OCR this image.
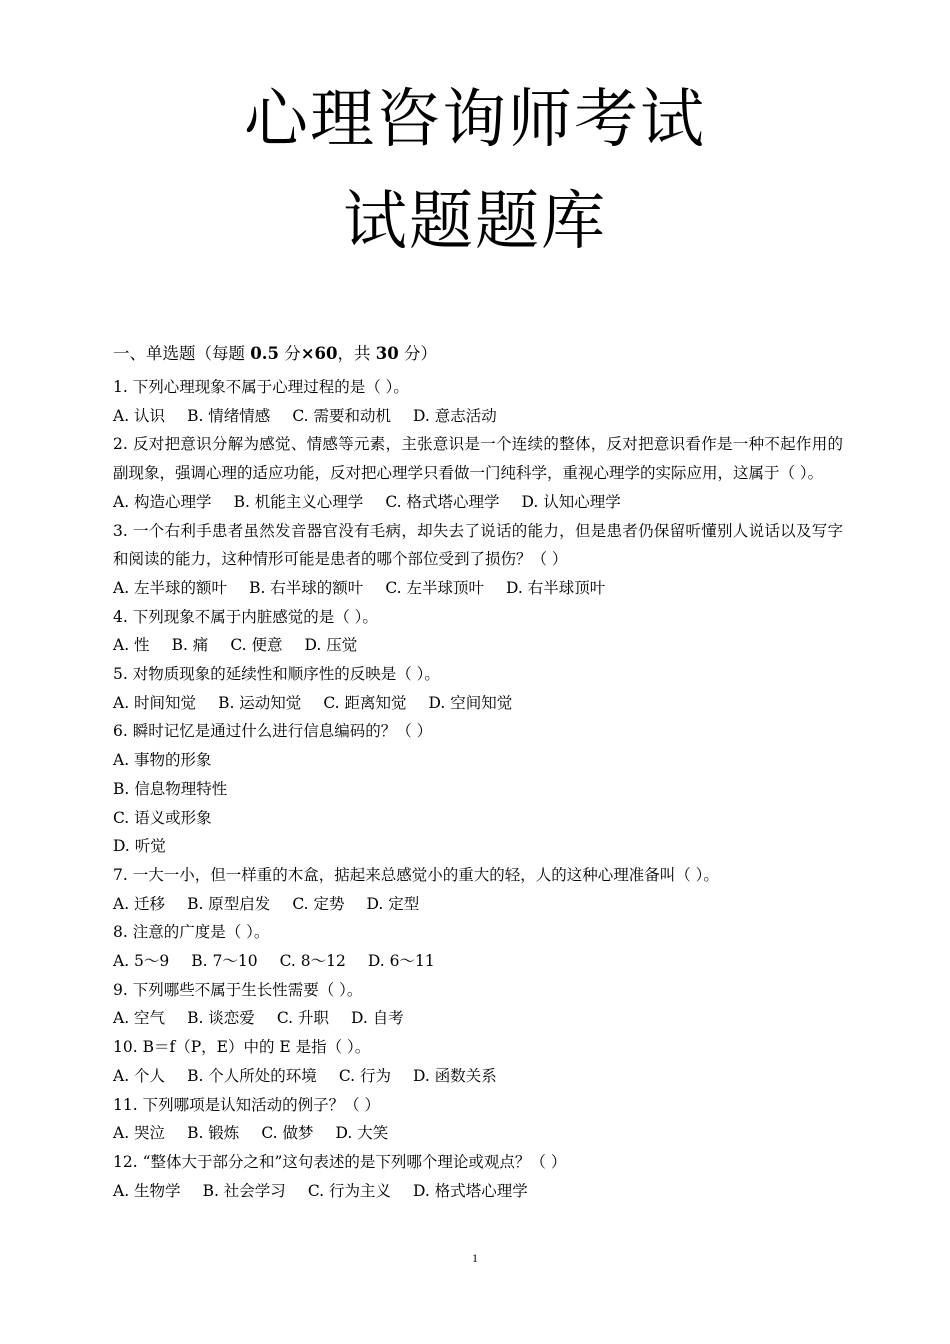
心理咨询师考试
试题题库
一、单选题（每题 0.5 分×60，共 30 分）
1. 下列心理现象不属于心理过程的是（ ）。
A. 认识 B. 情绪情感 C. 需要和动机 D. 意志活动
2. 反对把意识分解为感觉、情感等元素，主张意识是一个连续的整体，反对把意识看作是一种不起作用的副现象，强调心理的适应功能，反对把心理学只看做一门纯科学，重视心理学的实际应用，这属于（ ）。
A. 构造心理学 B. 机能主义心理学 C. 格式塔心理学 D. 认知心理学
3. 一个右利手患者虽然发音器官没有毛病，却失去了说话的能力，但是患者仍保留听懂别人说话以及写字和阅读的能力，这种情形可能是患者的哪个部位受到了损伤？（ ）
A. 左半球的额叶 B. 右半球的额叶 C. 左半球顶叶 D. 右半球顶叶
4. 下列现象不属于内脏感觉的是（ ）。
A. 性 B. 痛 C. 便意 D. 压觉
5. 对物质现象的延续性和顺序性的反映是（ ）。
A. 时间知觉 B. 运动知觉 C. 距离知觉 D. 空间知觉
6. 瞬时记忆是通过什么进行信息编码的？（ ）
A. 事物的形象
B. 信息物理特性
C. 语义或形象
D. 听觉
7. 一大一小，但一样重的木盒，掂起来总感觉小的重大的轻，人的这种心理准备叫（ ）。
A. 迁移 B. 原型启发 C. 定势 D. 定型
8. 注意的广度是（ ）。
A. 5～9 B. 7～10 C. 8～12 D. 6～11
9. 下列哪些不属于生长性需要（ ）。
A. 空气 B. 谈恋爱 C. 升职 D. 自考
10. B＝f（P，E）中的 E 是指（ ）。
A. 个人 B. 个人所处的环境 C. 行为 D. 函数关系
11. 下列哪项是认知活动的例子？（ ）
A. 哭泣 B. 锻炼 C. 做梦 D. 大笑
12. “整体大于部分之和”这句表述的是下列哪个理论或观点？（ ）
A. 生物学 B. 社会学习 C. 行为主义 D. 格式塔心理学
1
